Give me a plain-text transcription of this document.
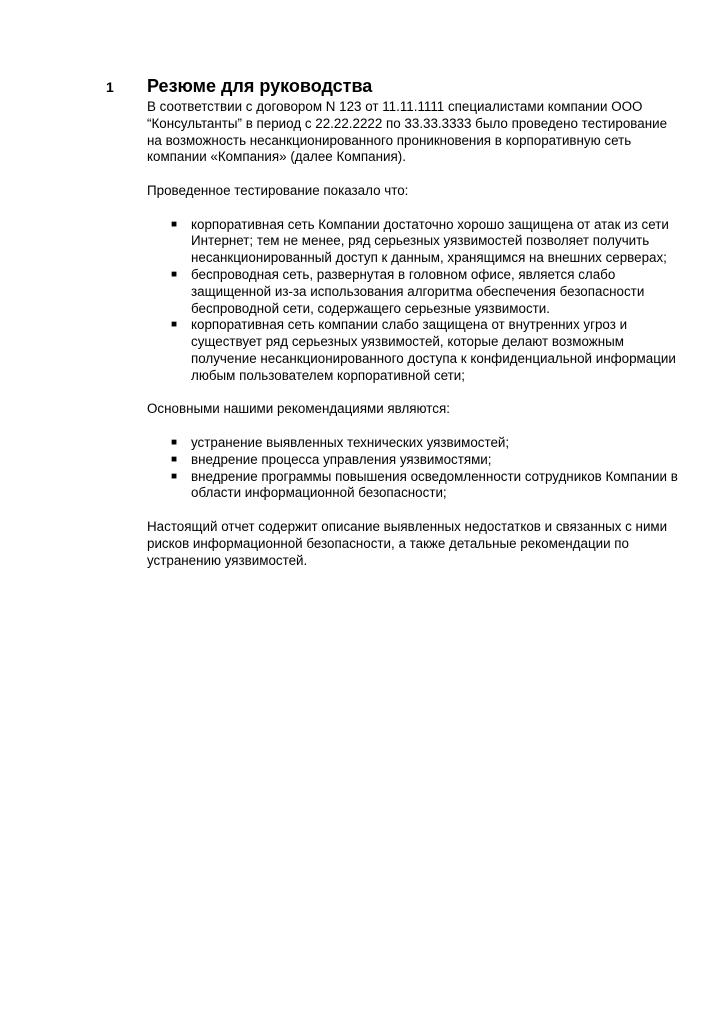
1 Резюме для руководства

В соответствии с договором N 123 от 11.11.1111 специалистами компании ООО “Консультанты” в период с 22.22.2222 по 33.33.3333 было проведено тестирование на возможность несанкционированного проникновения в корпоративную сеть компании «Компания» (далее Компания).

Проведенное тестирование показало что:

■ корпоративная сеть Компании достаточно хорошо защищена от атак из сети Интернет; тем не менее, ряд серьезных уязвимостей позволяет получить несанкционированный доступ к данным, хранящимся на внешних серверах;
■ беспроводная сеть, развернутая в головном офисе, является слабо защищенной из-за использования алгоритма обеспечения безопасности беспроводной сети, содержащего серьезные уязвимости.
■ корпоративная сеть компании слабо защищена от внутренних угроз и существует ряд серьезных уязвимостей, которые делают возможным получение несанкционированного доступа к конфиденциальной информации любым пользователем корпоративной сети;

Основными нашими рекомендациями являются:

■ устранение выявленных технических уязвимостей;
■ внедрение процесса управления уязвимостями;
■ внедрение программы повышения осведомленности сотрудников Компании в области информационной безопасности;

Настоящий отчет содержит описание выявленных недостатков и связанных с ними рисков информационной безопасности, а также детальные рекомендации по устранению уязвимостей.
